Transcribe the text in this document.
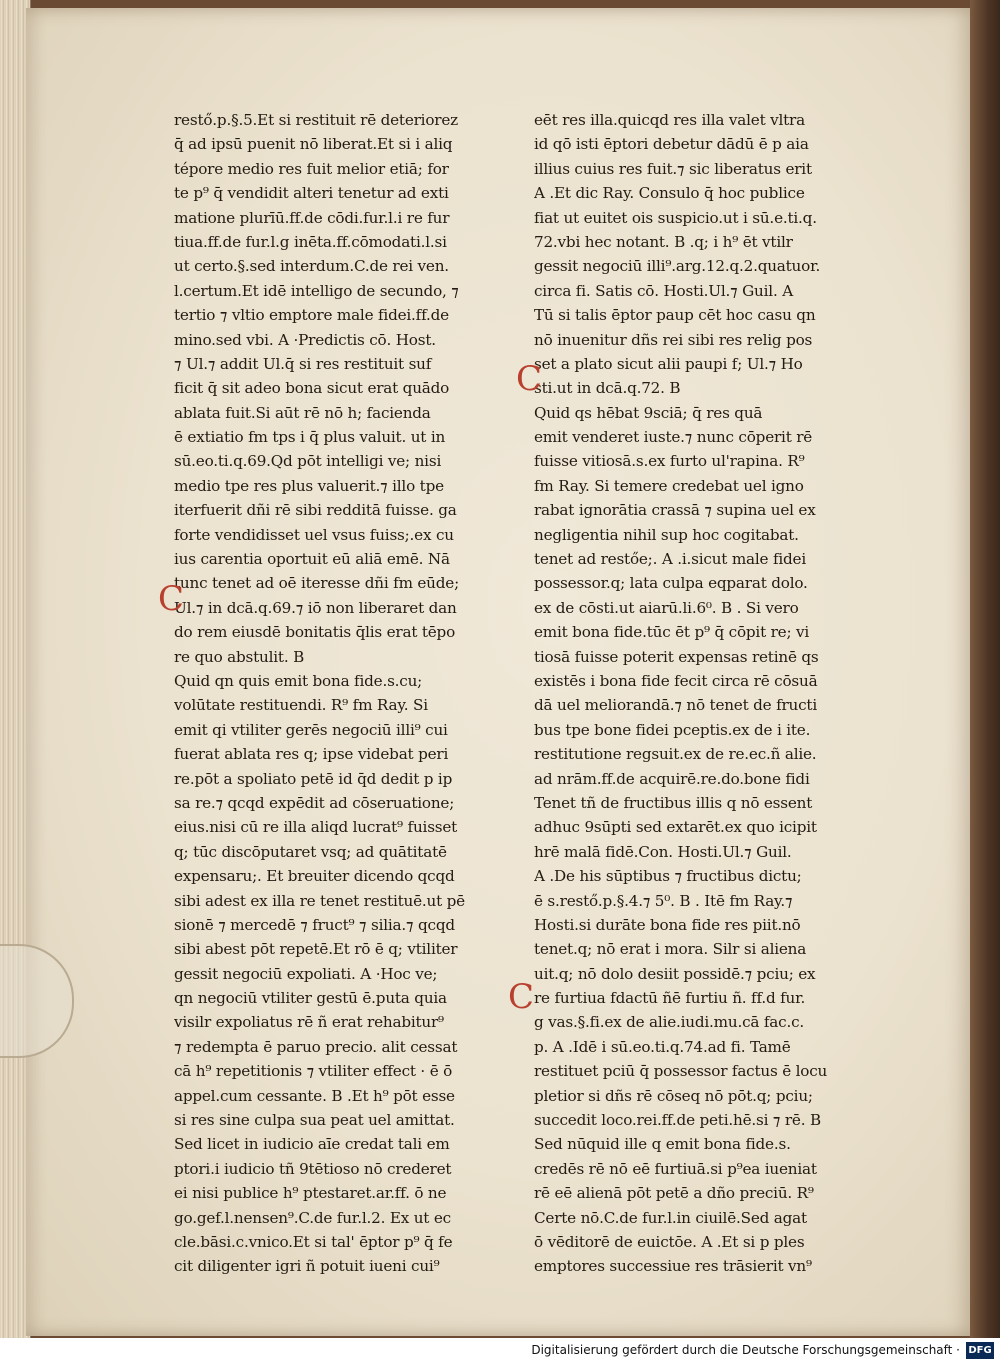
restő.p.§.5.Et si restituit rē deteriorez
q̄ ad ipsū puenit nō liberat.Et si i aliq
tépore medio res fuit melior etiā; for
te p⁹ q̄ vendidit alteri tenetur ad exti
matione plurīū.ff.de cōdi.fur.l.i re fur
tiua.ff.de fur.l.g inēta.ff.cōmodati.l.si
ut certo.§.sed interdum.C.de rei ven.
l.certum.Et idē intelligo de secundo, ⁊
tertio ⁊ vltio emptore male fidei.ff.de
mino.sed vbi. A ·Predictis cō. Host.
⁊ Ul.⁊ addit Ul.q̄ si res restituit suf
ficit q̄ sit adeo bona sicut erat quādo
ablata fuit.Si aūt rē nō h; facienda
ē extiatio fm tps i q̄ plus valuit. ut in
sū.eo.ti.q.69.Qd pōt intelligi ve; nisi
medio tpe res plus valuerit.⁊ illo tpe
iterfuerit dñi rē sibi redditā fuisse. ga
forte vendidisset uel vsus fuiss;.ex cu
ius carentia oportuit eū aliā emē. Nā
tunc tenet ad oē iteresse dñi fm eūde;
Ul.⁊ in dcā.q.69.⁊ iō non liberaret dan
do rem eiusdē bonitatis q̄lis erat tēpo
re quo abstulit. B
Quid qn quis emit bona fide.s.cu;
volūtate restituendi. R⁹ fm Ray. Si
emit qi vtiliter gerēs negociū illi⁹ cui
fuerat ablata res q; ipse videbat peri
re.pōt a spoliato petē id q̄d dedit p ip
sa re.⁊ qcqd expēdit ad cōseruatione;
eius.nisi cū re illa aliqd lucrat⁹ fuisset
q; tūc discōputaret vsq; ad quātitatē
expensaru;. Et breuiter dicendo qcqd
sibi adest ex illa re tenet restituē.ut pē
sionē ⁊ mercedē ⁊ fruct⁹ ⁊ silia.⁊ qcqd
sibi abest pōt repetē.Et rō ē q; vtiliter
gessit negociū expoliati. A ·Hoc ve;
qn negociū vtiliter gestū ē.puta quia
visilr expoliatus rē ñ erat rehabitur⁹
⁊ redempta ē paruo precio. alit cessat
cā h⁹ repetitionis ⁊ vtiliter effect · ē ō
appel.cum cessante. B .Et h⁹ pōt esse
si res sine culpa sua peat uel amittat.
Sed licet in iudicio aīe credat tali em
ptori.i iudicio tñ 9tētioso nō crederet
ei nisi publice h⁹ ptestaret.ar.ff. ō ne
go.gef.l.nensen⁹.C.de fur.l.2. Ex ut ec
cle.bāsi.c.vnico.Et si tal' ēptor p⁹ q̄ fe
cit diligenter igri ñ potuit iueni cui⁹
eēt res illa.quicqd res illa valet vltra
id qō isti ēptori debetur dādū ē p aia
illius cuius res fuit.⁊ sic liberatus erit
A .Et dic Ray. Consulo q̄ hoc publice
fiat ut euitet ois suspicio.ut i sū.e.ti.q.
72.vbi hec notant. B .q; i h⁹ ēt vtilr
gessit negociū illi⁹.arg.12.q.2.quatuor.
circa fi. Satis cō. Hosti.Ul.⁊ Guil. A
Tū si talis ēptor paup cēt hoc casu qn
nō inuenitur dñs rei sibi res relig pos
set a plato sicut alii paupi f; Ul.⁊ Ho
sti.ut in dcā.q.72. B
Quid qs hēbat 9sciā; q̄ res quā
emit venderet iuste.⁊ nunc cōperit rē
fuisse vitiosā.s.ex furto ul'rapina. R⁹
fm Ray. Si temere credebat uel igno
rabat ignorātia crassā ⁊ supina uel ex
negligentia nihil sup hoc cogitabat.
tenet ad restőe;. A .i.sicut male fidei
possessor.q; lata culpa eqparat dolo.
ex de cōsti.ut aiarū.li.6⁰. B . Si vero
emit bona fide.tūc ēt p⁹ q̄ cōpit re; vi
tiosā fuisse poterit expensas retinē qs
existēs i bona fide fecit circa rē cōsuā
dā uel meliorandā.⁊ nō tenet de fructi
bus tpe bone fidei pceptis.ex de i ite.
restitutione regsuit.ex de re.ec.ñ alie.
ad nrām.ff.de acquirē.re.do.bone fidi
Tenet tñ de fructibus illis q nō essent
adhuc 9sūpti sed extarēt.ex quo icipit
hrē malā fidē.Con. Hosti.Ul.⁊ Guil.
A .De his sūptibus ⁊ fructibus dictu;
ē s.restő.p.§.4.⁊ 5⁰. B . Itē fm Ray.⁊
Hosti.si durāte bona fide res piit.nō
tenet.q; nō erat i mora. Silr si aliena
uit.q; nō dolo desiit possidē.⁊ pciu; ex
re furtiua fdactū ñē furtiu ñ. ff.d fur.
g vas.§.fi.ex de alie.iudi.mu.cā fac.c.
p. A .Idē i sū.eo.ti.q.74.ad fi. Tamē
restituet pciū q̄ possessor factus ē locu
pletior si dñs rē cōseq nō pōt.q; pciu;
succedit loco.rei.ff.de peti.hē.si ⁊ rē. B
Sed nūquid ille q emit bona fide.s.
credēs rē nō eē furtiuā.si p⁹ea iueniat
rē eē alienā pōt petē a dño preciū. R⁹
Certe nō.C.de fur.l.in ciuilē.Sed agat
ō vēditorē de euictōe. A .Et si p ples
emptores successiue res trāsierit vn⁹
C
C
C
Digitalisierung gefördert durch die Deutsche Forschungsgemeinschaft · DFG
